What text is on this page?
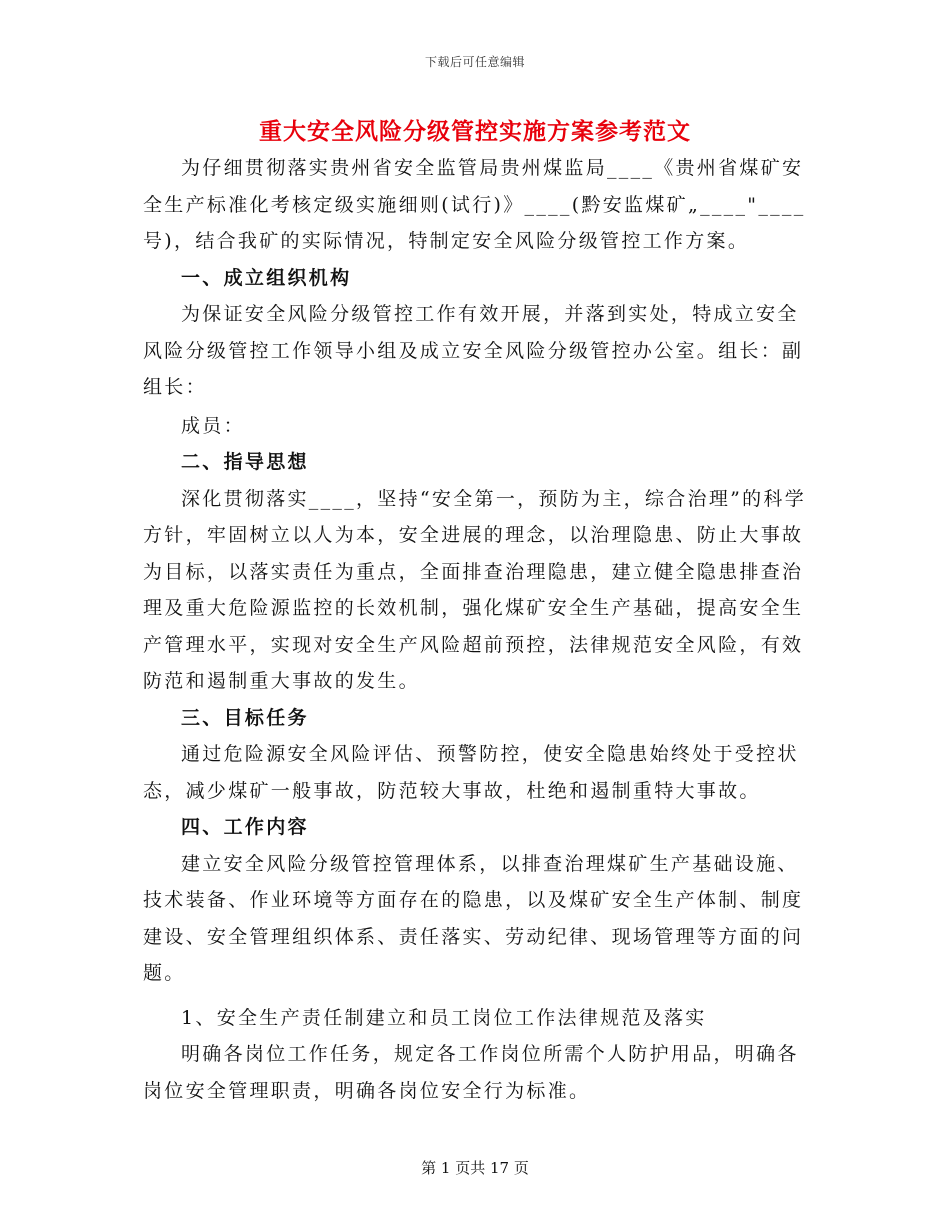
下载后可任意编辑
重大安全风险分级管控实施方案参考范文

为仔细贯彻落实贵州省安全监管局贵州煤监局____《贵州省煤矿安全生产标准化考核定级实施细则(试行)》____(黔安监煤矿„____"____号)，结合我矿的实际情况，特制定安全风险分级管控工作方案。

一、成立组织机构

为保证安全风险分级管控工作有效开展，并落到实处，特成立安全风险分级管控工作领导小组及成立安全风险分级管控办公室。组长：副组长：

成员：

二、指导思想

深化贯彻落实____，坚持“安全第一，预防为主，综合治理”的科学方针，牢固树立以人为本，安全进展的理念，以治理隐患、防止大事故为目标，以落实责任为重点，全面排查治理隐患，建立健全隐患排查治理及重大危险源监控的长效机制，强化煤矿安全生产基础，提高安全生产管理水平，实现对安全生产风险超前预控，法律规范安全风险，有效防范和遏制重大事故的发生。

三、目标任务

通过危险源安全风险评估、预警防控，使安全隐患始终处于受控状态，减少煤矿一般事故，防范较大事故，杜绝和遏制重特大事故。

四、工作内容

建立安全风险分级管控管理体系，以排查治理煤矿生产基础设施、技术装备、作业环境等方面存在的隐患，以及煤矿安全生产体制、制度建设、安全管理组织体系、责任落实、劳动纪律、现场管理等方面的问题。

1、安全生产责任制建立和员工岗位工作法律规范及落实

明确各岗位工作任务，规定各工作岗位所需个人防护用品，明确各岗位安全管理职责，明确各岗位安全行为标准。

第 1 页共 17 页
